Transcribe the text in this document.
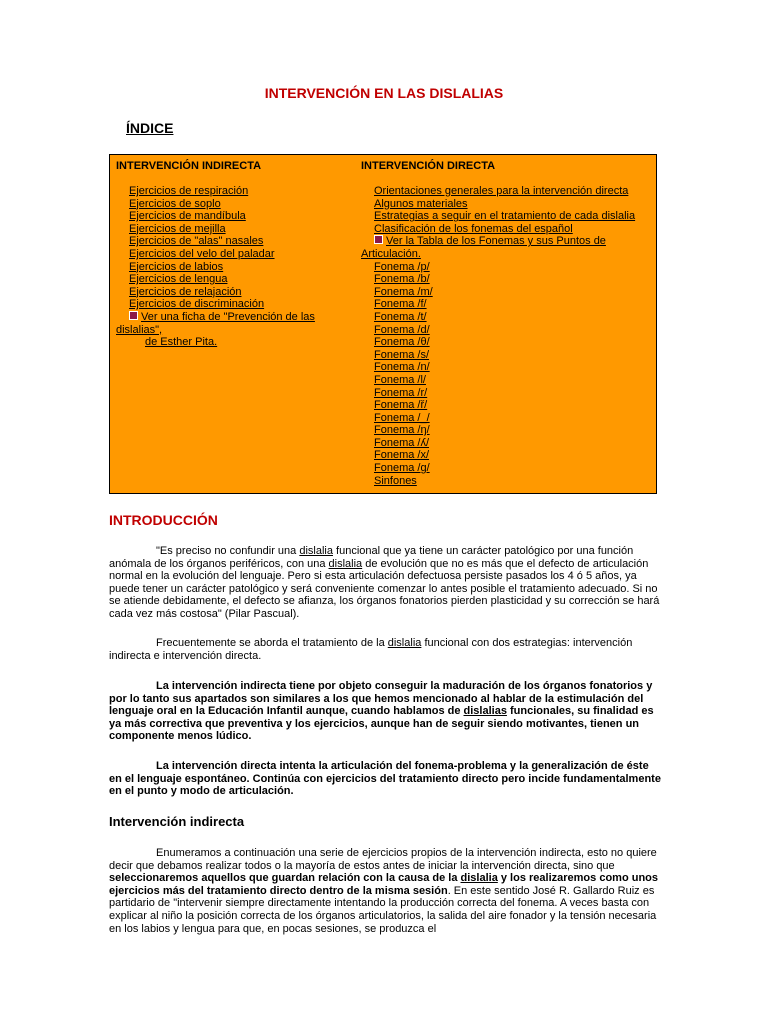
INTERVENCIÓN EN LAS DISLALIAS
ÍNDICE
INTERVENCIÓN INDIRECTA
Ejercicios de respiración
Ejercicios de soplo
Ejercicios de mandíbula
Ejercicios de mejilla
Ejercicios de "alas" nasales
Ejercicios del velo del paladar
Ejercicios de labios
Ejercicios de lengua
Ejercicios de relajación
Ejercicios de discriminación
Ver una ficha de "Prevención de las
dislalias",
de Esther Pita.
INTERVENCIÓN DIRECTA
Orientaciones generales para la intervención directa
Algunos materiales
Estrategias a seguir en el tratamiento de cada dislalia
Clasificación de los fonemas del español
Ver la Tabla de los Fonemas y sus Puntos de
Articulación.
Fonema /p/
Fonema /b/
Fonema /m/
Fonema /f/
Fonema /t/
Fonema /d/
Fonema /θ/
Fonema /s/
Fonema /n/
Fonema /l/
Fonema /r/
Fonema /ř/
Fonema /_/
Fonema /ŋ/
Fonema /ʎ/
Fonema /x/
Fonema /g/
Sinfones
INTRODUCCIÓN

"Es preciso no confundir una dislalia funcional que ya tiene un carácter patológico por una función anómala de los órganos periféricos, con una dislalia de evolución que no es más que el defecto de articulación normal en la evolución del lenguaje. Pero si esta articulación defectuosa persiste pasados los 4 ó 5 años, ya puede tener un carácter patológico y será conveniente comenzar lo antes posible el tratamiento adecuado. Si no se atiende debidamente, el defecto se afianza, los órganos fonatorios pierden plasticidad y su corrección se hará cada vez más costosa" (Pilar Pascual).

Frecuentemente se aborda el tratamiento de la dislalia funcional con dos estrategias: intervención indirecta e intervención directa.

La intervención indirecta tiene por objeto conseguir la maduración de los órganos fonatorios y por lo tanto sus apartados son similares a los que hemos mencionado al hablar de la estimulación del lenguaje oral en la Educación Infantil aunque, cuando hablamos de dislalias funcionales, su finalidad es ya más correctiva que preventiva y los ejercicios, aunque han de seguir siendo motivantes, tienen un componente menos lúdico.

La intervención directa intenta la articulación del fonema-problema y la generalización de éste en el lenguaje espontáneo. Continúa con ejercicios del tratamiento directo pero incide fundamentalmente en el punto y modo de articulación.

Intervención indirecta

Enumeramos a continuación una serie de ejercicios propios de la intervención indirecta, esto no quiere decir que debamos realizar todos o la mayoría de estos antes de iniciar la intervención directa, sino que seleccionaremos aquellos que guardan relación con la causa de la dislalia y los realizaremos como unos ejercicios más del tratamiento directo dentro de la misma sesión. En este sentido José R. Gallardo Ruiz es partidario de "intervenir siempre directamente intentando la producción correcta del fonema. A veces basta con explicar al niño la posición correcta de los órganos articulatorios, la salida del aire fonador y la tensión necesaria en los labios y lengua para que, en pocas sesiones, se produzca el
